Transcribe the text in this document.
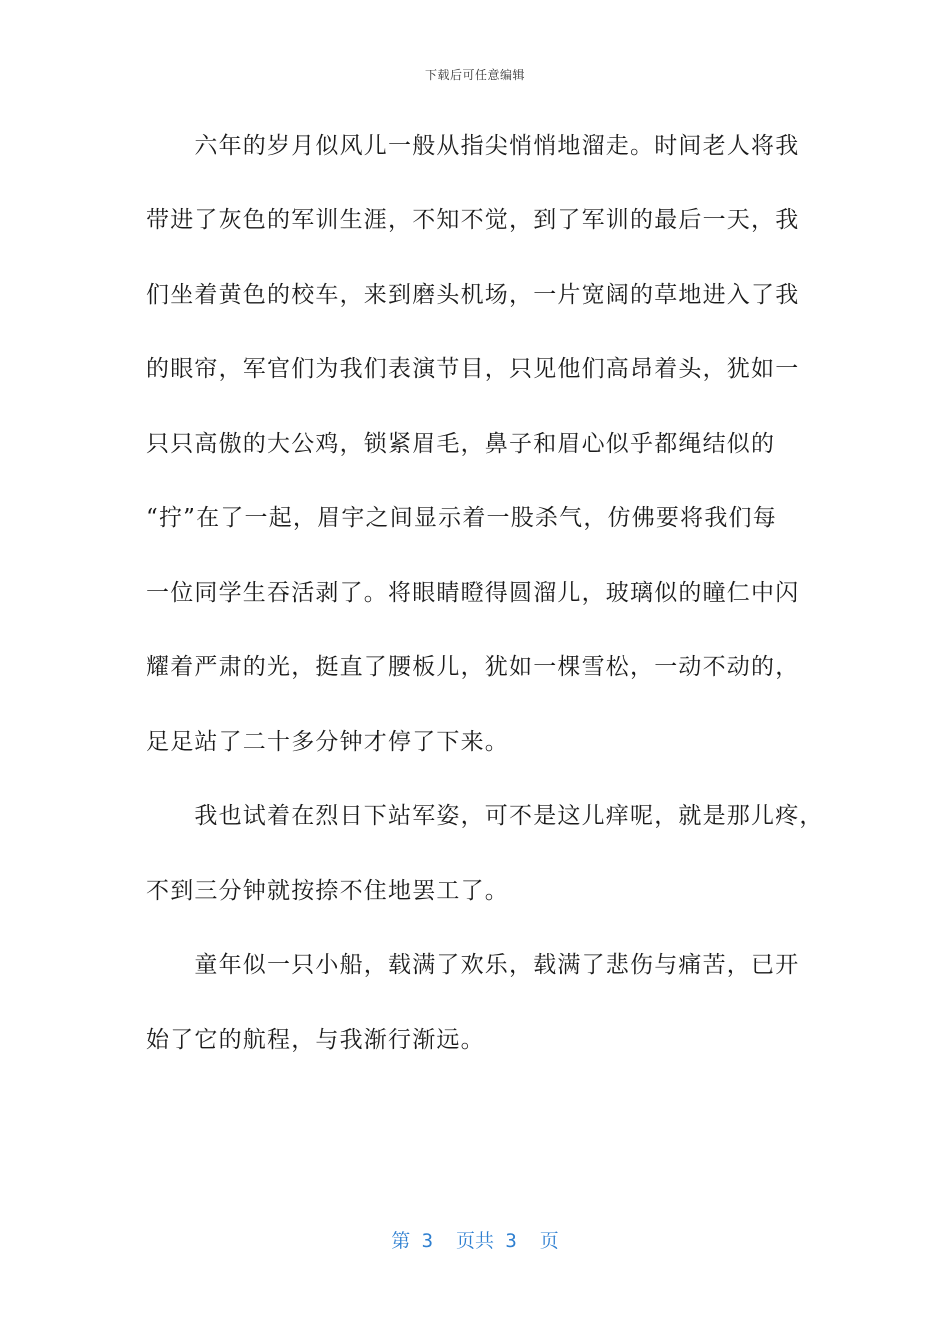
下载后可任意编辑
　　六年的岁月似风儿一般从指尖悄悄地溜走。时间老人将我
带进了灰色的军训生涯，不知不觉，到了军训的最后一天，我
们坐着黄色的校车，来到磨头机场，一片宽阔的草地进入了我
的眼帘，军官们为我们表演节目，只见他们高昂着头，犹如一
只只高傲的大公鸡，锁紧眉毛，鼻子和眉心似乎都绳结似的
“拧”在了一起，眉宇之间显示着一股杀气，仿佛要将我们每
一位同学生吞活剥了。将眼睛瞪得圆溜儿，玻璃似的瞳仁中闪
耀着严肃的光，挺直了腰板儿，犹如一棵雪松，一动不动的，
足足站了二十多分钟才停了下来。
　　我也试着在烈日下站军姿，可不是这儿痒呢，就是那儿疼，
不到三分钟就按捺不住地罢工了。
　　童年似一只小船，载满了欢乐，载满了悲伤与痛苦，已开
始了它的航程，与我渐行渐远。
第 3  页共 3  页
